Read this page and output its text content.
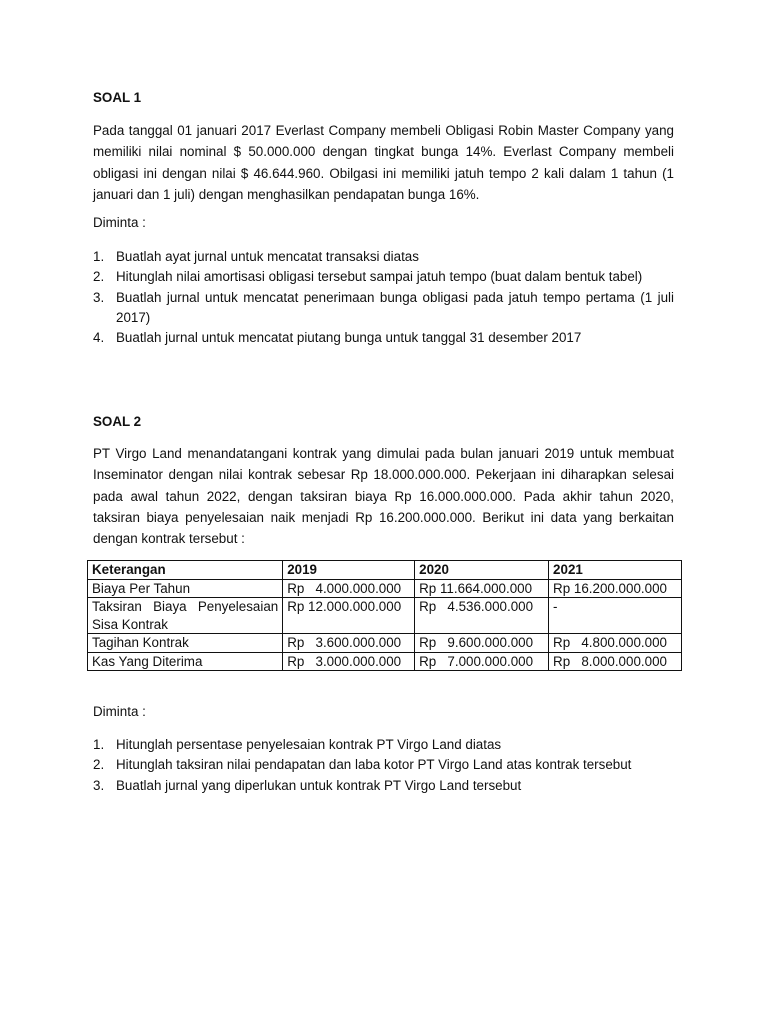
SOAL 1
Pada tanggal 01 januari 2017 Everlast Company membeli Obligasi Robin Master Company yang memiliki nilai nominal $ 50.000.000 dengan tingkat bunga 14%. Everlast Company membeli obligasi ini dengan nilai $ 46.644.960. Obilgasi ini memiliki jatuh tempo 2 kali dalam 1 tahun (1 januari dan 1 juli) dengan menghasilkan pendapatan bunga 16%.
Diminta :
1. Buatlah ayat jurnal untuk mencatat transaksi diatas
2. Hitunglah nilai amortisasi obligasi tersebut sampai jatuh tempo (buat dalam bentuk tabel)
3. Buatlah jurnal untuk mencatat penerimaan bunga obligasi pada jatuh tempo pertama (1 juli 2017)
4. Buatlah jurnal untuk mencatat piutang bunga untuk tanggal 31 desember 2017
SOAL 2
PT Virgo Land menandatangani kontrak yang dimulai pada bulan januari 2019 untuk membuat Inseminator dengan nilai kontrak sebesar Rp 18.000.000.000. Pekerjaan ini diharapkan selesai pada awal tahun 2022, dengan taksiran biaya Rp 16.000.000.000. Pada akhir tahun 2020, taksiran biaya penyelesaian naik menjadi Rp 16.200.000.000. Berikut ini data yang berkaitan dengan kontrak tersebut :
Keterangan	2019	2020	2021
Biaya Per Tahun	Rp   4.000.000.000	Rp 11.664.000.000	Rp 16.200.000.000
Taksiran Biaya Penyelesaian Sisa Kontrak	Rp 12.000.000.000	Rp   4.536.000.000	-
Tagihan Kontrak	Rp   3.600.000.000	Rp   9.600.000.000	Rp   4.800.000.000
Kas Yang Diterima	Rp   3.000.000.000	Rp   7.000.000.000	Rp   8.000.000.000
Diminta :
1. Hitunglah persentase penyelesaian kontrak PT Virgo Land diatas
2. Hitunglah taksiran nilai pendapatan dan laba kotor PT Virgo Land atas kontrak tersebut
3. Buatlah jurnal yang diperlukan untuk kontrak PT Virgo Land tersebut
